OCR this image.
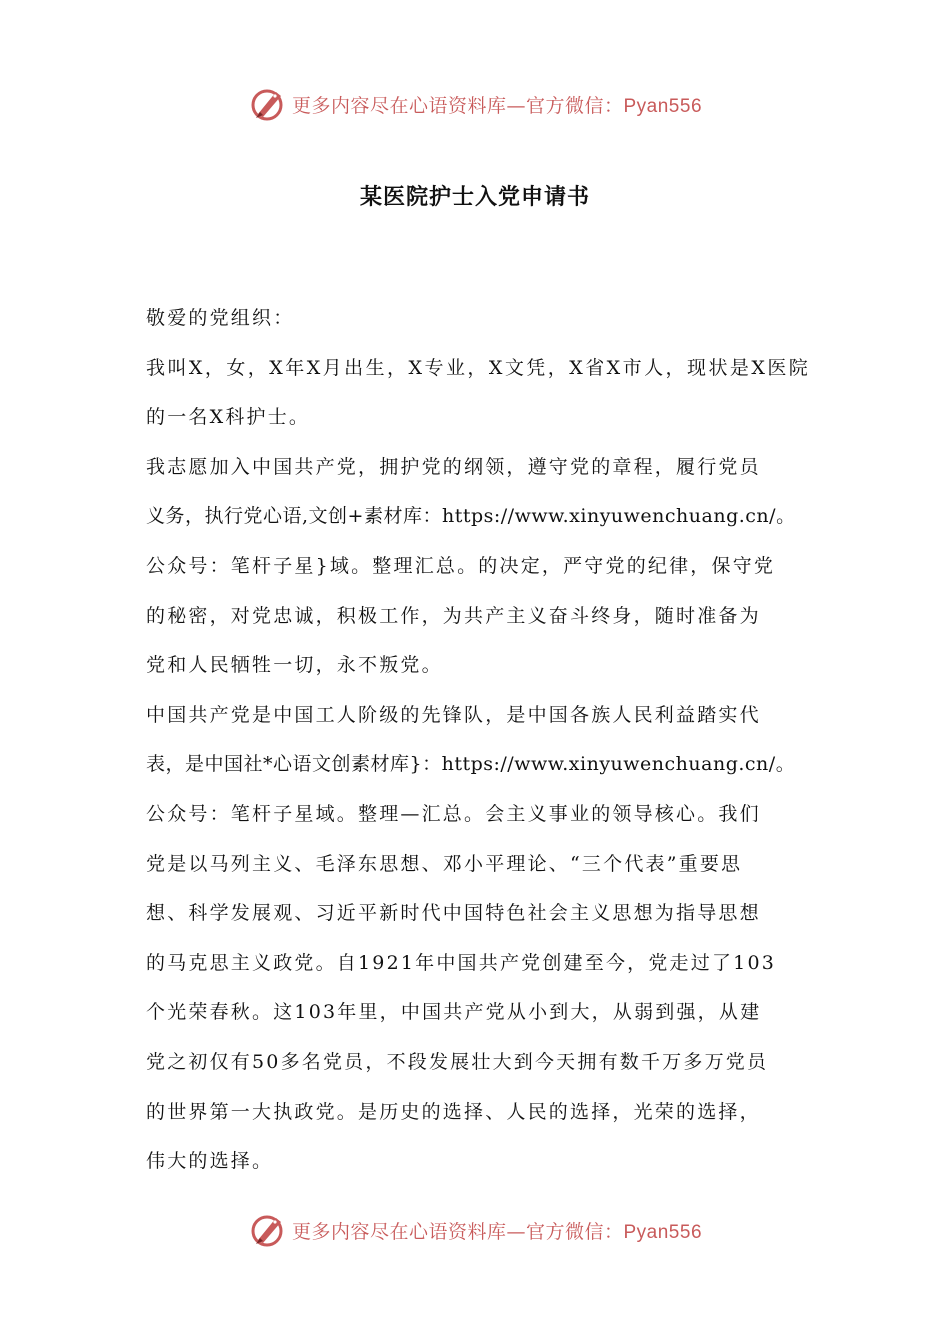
更多内容尽在心语资料库—官方微信：Pyan556
某医院护士入党申请书

敬爱的党组织：

我叫X，女，X年X月出生，X专业，X文凭，X省X市人，现状是X医院的一名X科护士。

我志愿加入中国共产党，拥护党的纲领，遵守党的章程，履行党员

义务，执行党心语,文创+素材库：https://www.xinyuwenchuang.cn/。

公众号：笔杆子星}域。整理汇总。的决定，严守党的纪律，保守党

的秘密，对党忠诚，积极工作，为共产主义奋斗终身，随时准备为

党和人民牺牲一切，永不叛党。

中国共产党是中国工人阶级的先锋队，是中国各族人民利益踏实代

表，是中国社*心语文创素材库}：https://www.xinyuwenchuang.cn/。

公众号：笔杆子星域。整理—汇总。会主义事业的领导核心。我们

党是以马列主义、毛泽东思想、邓小平理论、“三个代表”重要思

想、科学发展观、习近平新时代中国特色社会主义思想为指导思想

的马克思主义政党。自1921年中国共产党创建至今，党走过了103

个光荣春秋。这103年里，中国共产党从小到大，从弱到强，从建

党之初仅有50多名党员，不段发展壮大到今天拥有数千万多万党员

的世界第一大执政党。是历史的选择、人民的选择，光荣的选择，

伟大的选择。

更多内容尽在心语资料库—官方微信：Pyan556
